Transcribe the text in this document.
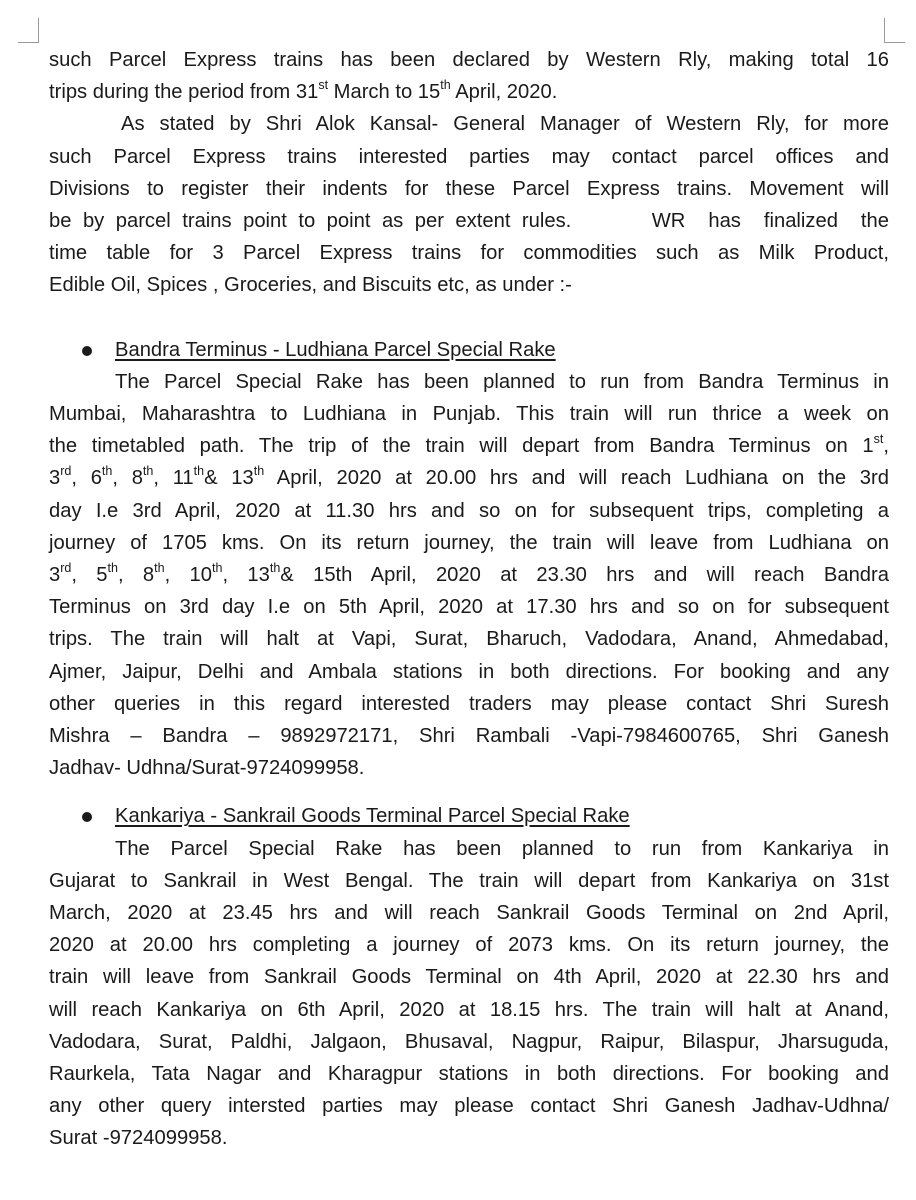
such Parcel Express trains has been declared by Western Rly, making total 16

trips during the period from 31st March to 15th April, 2020.

As stated by Shri Alok Kansal- General Manager of Western Rly, for more

such Parcel Express trains interested parties may contact parcel offices and

Divisions to register their indents for these Parcel Express trains. Movement will

be by parcel trains point to point as per extent rules.       WR  has  finalized  the

time table for 3 Parcel Express trains for commodities such as Milk Product,

Edible Oil, Spices , Groceries, and Biscuits etc, as under :-

Bandra Terminus - Ludhiana Parcel Special Rake

The Parcel Special Rake has been planned to run from Bandra Terminus in

Mumbai, Maharashtra to Ludhiana in Punjab. This train will run thrice a week on

the timetabled path. The trip of the train will depart from Bandra Terminus on 1st,

3rd, 6th, 8th, 11th& 13th April, 2020 at 20.00 hrs and will reach Ludhiana on the 3rd

day I.e 3rd April, 2020 at 11.30 hrs and so on for subsequent trips, completing a

journey of 1705 kms. On its return journey, the train will leave from Ludhiana on

3rd, 5th, 8th, 10th, 13th& 15th April, 2020 at 23.30 hrs and will reach Bandra

Terminus on 3rd day I.e on 5th April, 2020 at 17.30 hrs and so on for subsequent

trips. The train will halt at Vapi, Surat, Bharuch, Vadodara, Anand, Ahmedabad,

Ajmer, Jaipur, Delhi and Ambala stations in both directions. For booking and any

other queries in this regard interested traders may please contact Shri Suresh

Mishra – Bandra – 9892972171, Shri Rambali -Vapi-7984600765, Shri Ganesh

Jadhav- Udhna/Surat-9724099958.

Kankariya - Sankrail Goods Terminal Parcel Special Rake

The Parcel Special Rake has been planned to run from Kankariya in

Gujarat to Sankrail in West Bengal. The train will depart from Kankariya on 31st

March, 2020 at 23.45 hrs and will reach Sankrail Goods Terminal on 2nd April,

2020 at 20.00 hrs completing a journey of 2073 kms. On its return journey, the

train will leave from Sankrail Goods Terminal on 4th April, 2020 at 22.30 hrs and

will reach Kankariya on 6th April, 2020 at 18.15 hrs. The train will halt at Anand,

Vadodara, Surat, Paldhi, Jalgaon, Bhusaval, Nagpur, Raipur, Bilaspur, Jharsuguda,

Raurkela, Tata Nagar and Kharagpur stations in both directions. For booking and

any other query intersted parties may please contact Shri Ganesh Jadhav-Udhna/

Surat -9724099958.
